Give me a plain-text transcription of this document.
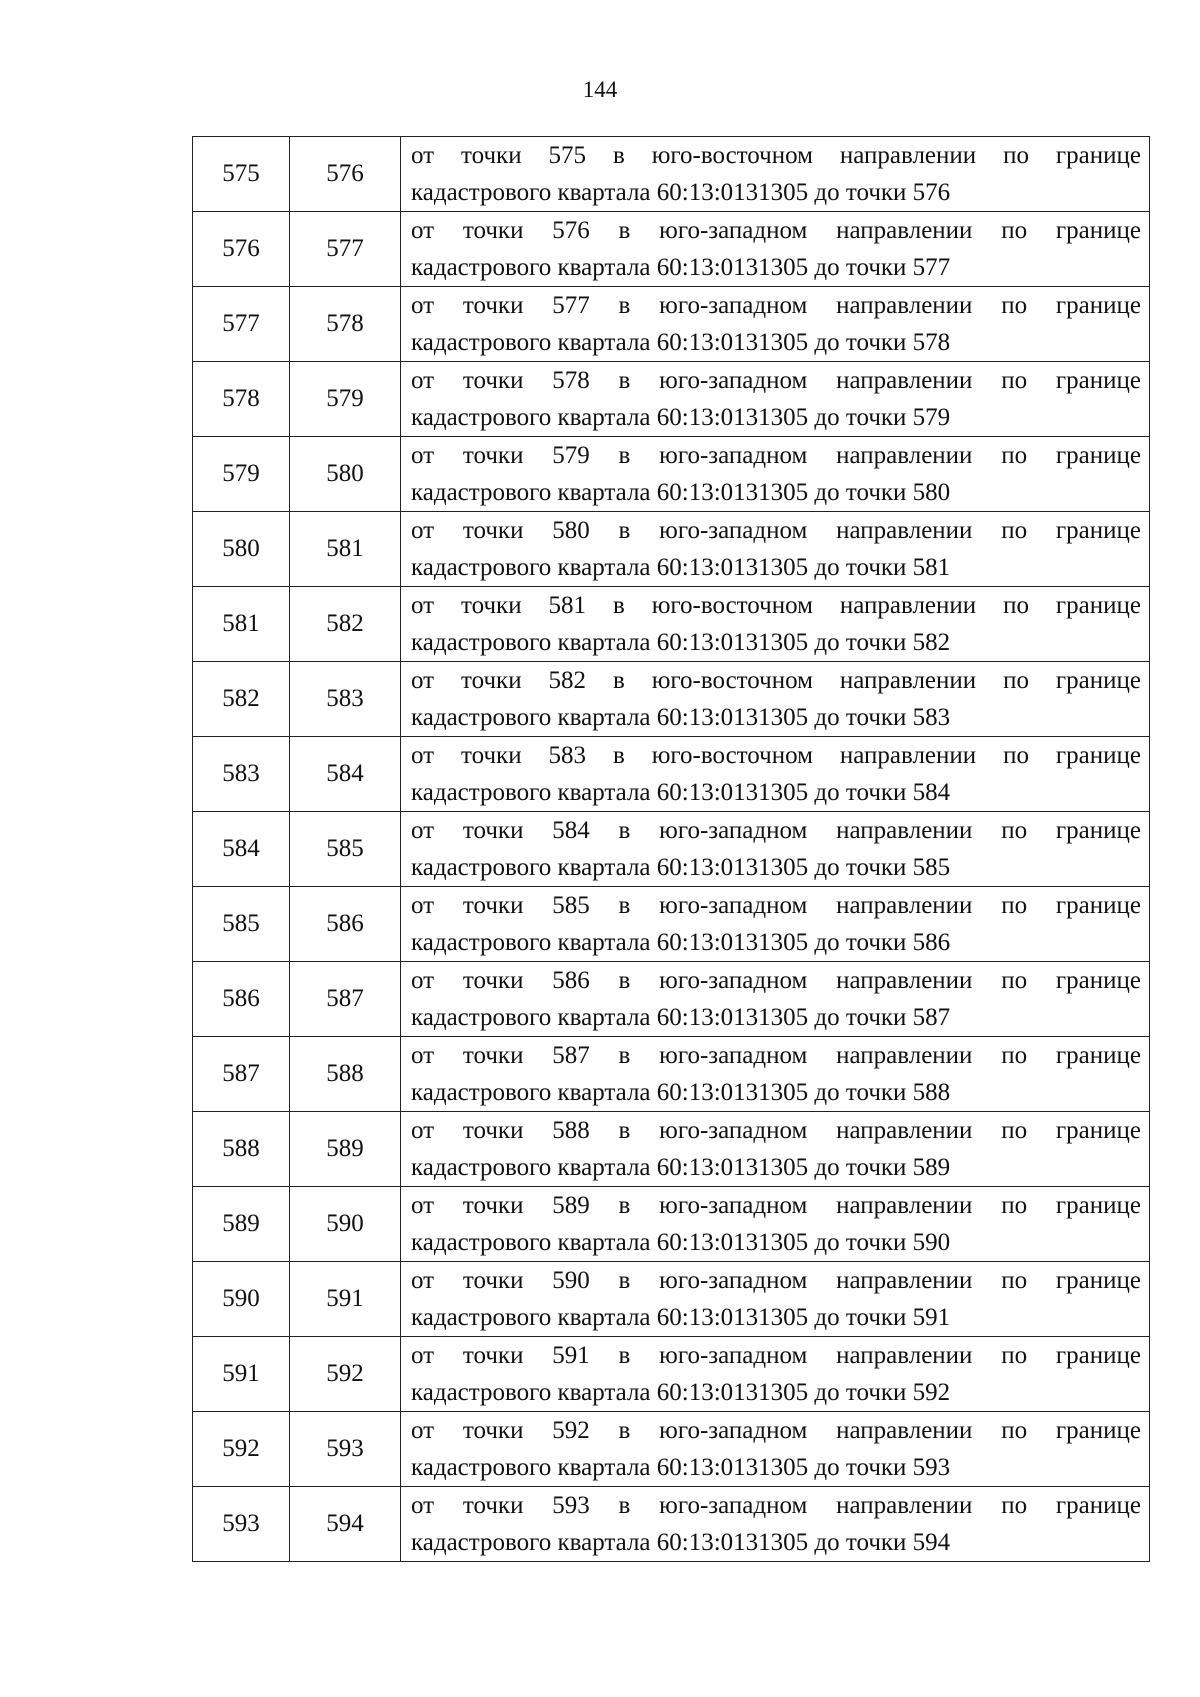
144
575	576	от точки 575 в юго-восточном направлении по границе
кадастрового квартала 60:13:0131305 до точки 576

576	577	от точки 576 в юго-западном направлении по границе
кадастрового квартала 60:13:0131305 до точки 577

577	578	от точки 577 в юго-западном направлении по границе
кадастрового квартала 60:13:0131305 до точки 578

578	579	от точки 578 в юго-западном направлении по границе
кадастрового квартала 60:13:0131305 до точки 579

579	580	от точки 579 в юго-западном направлении по границе
кадастрового квартала 60:13:0131305 до точки 580

580	581	от точки 580 в юго-западном направлении по границе
кадастрового квартала 60:13:0131305 до точки 581

581	582	от точки 581 в юго-восточном направлении по границе
кадастрового квартала 60:13:0131305 до точки 582

582	583	от точки 582 в юго-восточном направлении по границе
кадастрового квартала 60:13:0131305 до точки 583

583	584	от точки 583 в юго-восточном направлении по границе
кадастрового квартала 60:13:0131305 до точки 584

584	585	от точки 584 в юго-западном направлении по границе
кадастрового квартала 60:13:0131305 до точки 585

585	586	от точки 585 в юго-западном направлении по границе
кадастрового квартала 60:13:0131305 до точки 586

586	587	от точки 586 в юго-западном направлении по границе
кадастрового квартала 60:13:0131305 до точки 587

587	588	от точки 587 в юго-западном направлении по границе
кадастрового квартала 60:13:0131305 до точки 588

588	589	от точки 588 в юго-западном направлении по границе
кадастрового квартала 60:13:0131305 до точки 589

589	590	от точки 589 в юго-западном направлении по границе
кадастрового квартала 60:13:0131305 до точки 590

590	591	от точки 590 в юго-западном направлении по границе
кадастрового квартала 60:13:0131305 до точки 591

591	592	от точки 591 в юго-западном направлении по границе
кадастрового квартала 60:13:0131305 до точки 592

592	593	от точки 592 в юго-западном направлении по границе
кадастрового квартала 60:13:0131305 до точки 593

593	594	от точки 593 в юго-западном направлении по границе
кадастрового квартала 60:13:0131305 до точки 594
